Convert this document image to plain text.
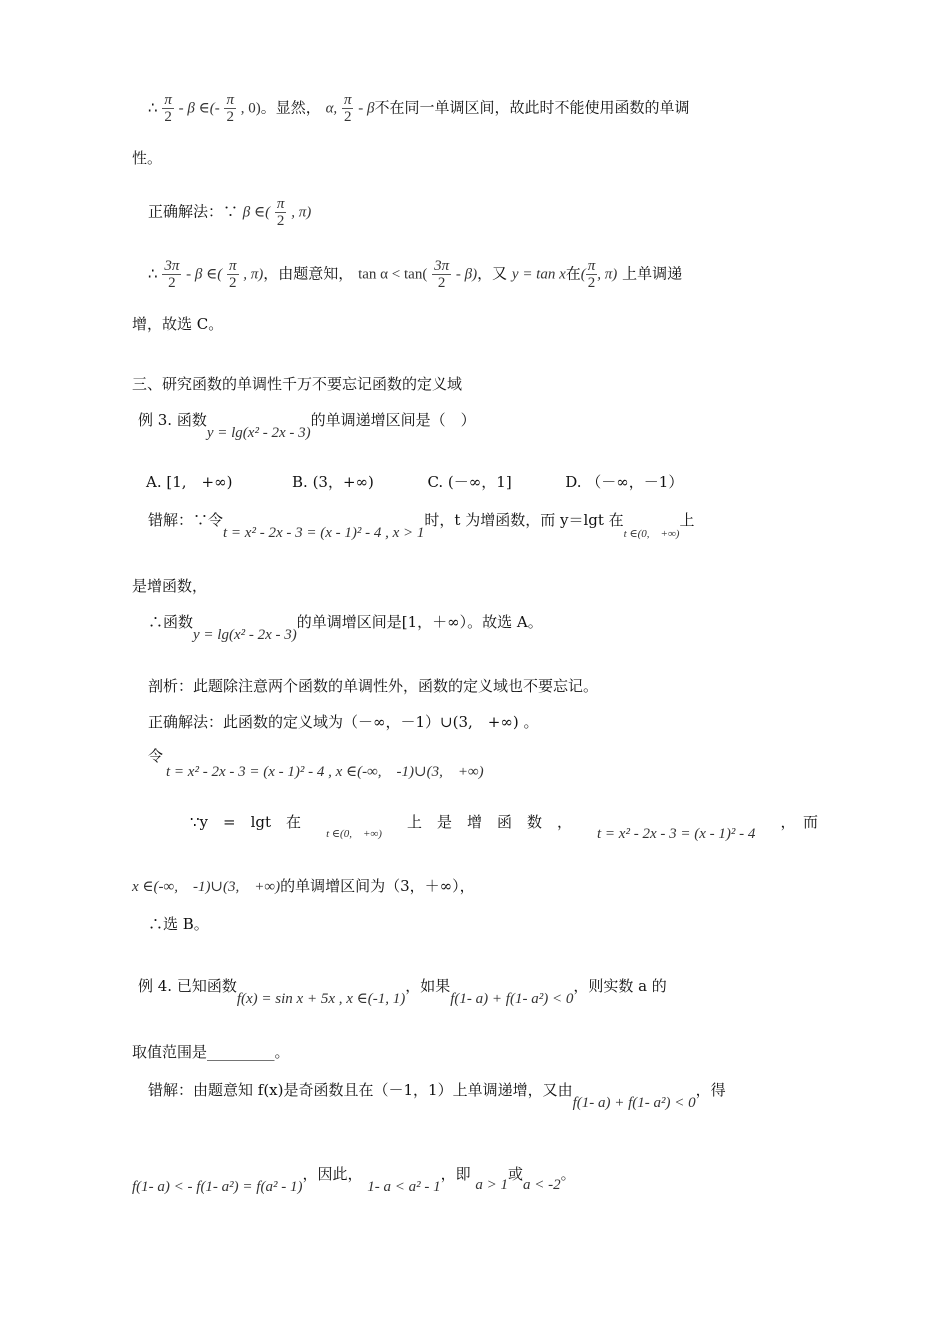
∴ $\frac{\pi}{2}$ - β ∈(- $\frac{\pi}{2}$ , 0)。显然， α, $\frac{\pi}{2}$ - β不在同一单调区间，故此时不能使用函数的单调
性。
正确解法：∵ β ∈( $\frac{\pi}{2}$ , π)
∴ $\frac{3\pi}{2}$ - β ∈( $\frac{\pi}{2}$ , π)，由题意知， $\tan \alpha < \tan( \frac{3\pi}{2} - \beta)$，又 y = tan x在( $\frac{\pi}{2}$ , π) 上单调递
增，故选 C。
三、研究函数的单调性千万不要忘记函数的定义域
例 3. 函数y = lg(x² - 2x - 3)的单调递增区间是（　）
A. [1,　+∞)	B. (3，+∞)	C. (－∞，1]	D. （－∞，－1）
错解：∵令t = x² - 2x - 3 = (x - 1)² - 4 , x > 1时，t 为增函数，而 y＝lgt 在$_{t \in(0, +\infty)}$上
是增函数，
∴函数y = lg(x² - 2x - 3)的单调增区间是[1，＋∞）。故选 A。
剖析：此题除注意两个函数的单调性外，函数的定义域也不要忘记。
正确解法：此函数的定义域为（－∞，－1）∪(3,　+∞) 。
令
t = x² - 2x - 3 = (x - 1)² - 4 , x ∈(-∞,　-1)∪(3,　+∞)
∵y　=　lgt　在
t ∈(0,　+∞)
上　是　增　函　数　，
t = x² - 2x - 3 = (x - 1)² - 4
，　而
x ∈(-∞,　-1)∪(3,　+∞)的单调增区间为（3，＋∞），
∴选 B。
例 4. 已知函数f(x) = sin x + 5x , x ∈(-1, 1)，如果f(1- a) + f(1- a²) < 0，则实数 a 的
取值范围是_________。
错解：由题意知 f(x)是奇函数且在（－1，1）上单调递增，又由f(1- a) + f(1- a²) < 0，得
f(1- a) < - f(1- a²) = f(a² - 1)，因此， 1- a < a² - 1，即 a > 1或a < -2。
